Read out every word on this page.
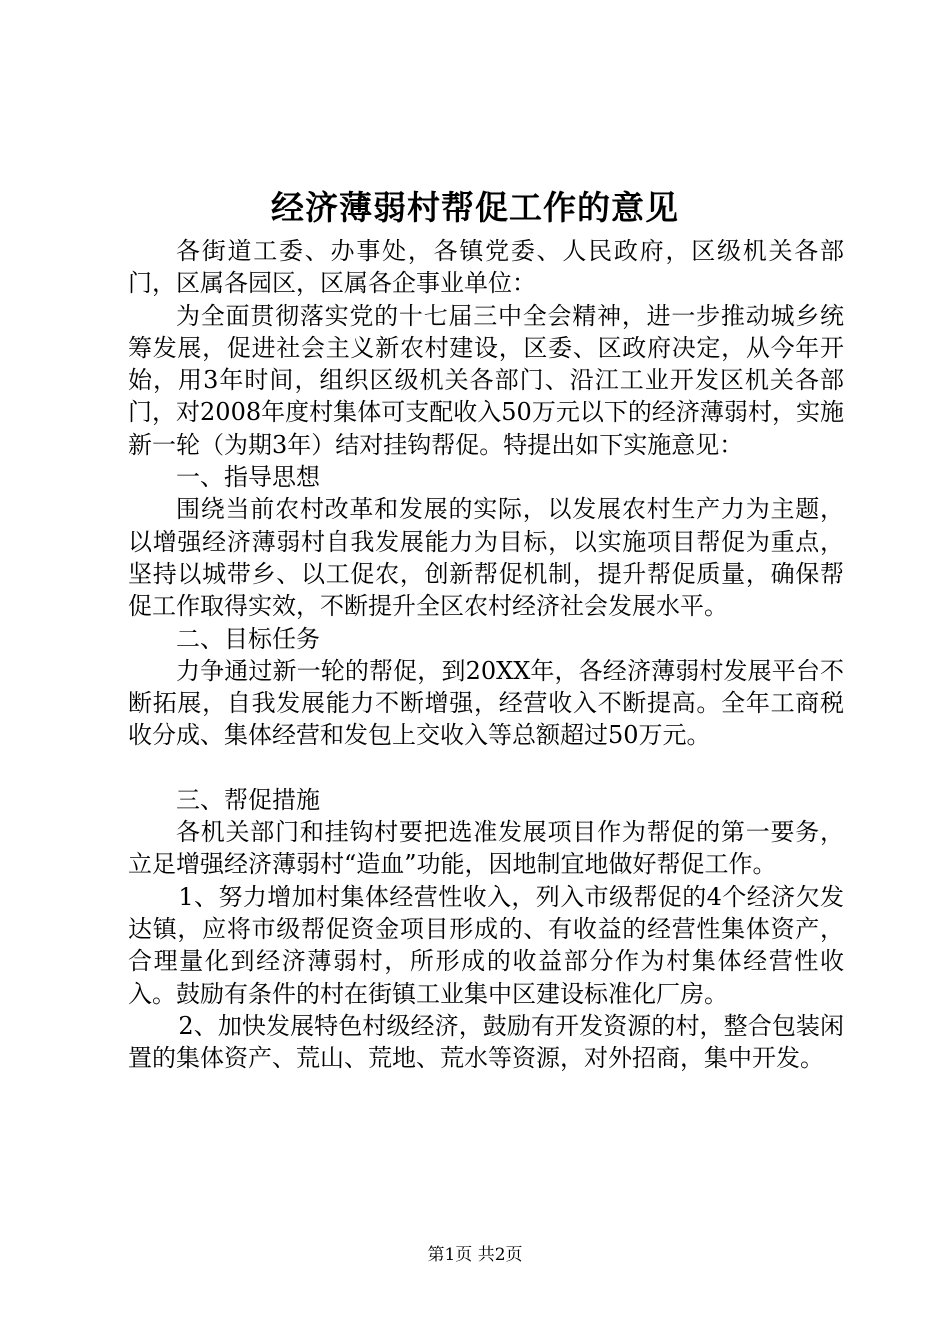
经济薄弱村帮促工作的意见

各街道工委、办事处，各镇党委、人民政府，区级机关各部门，区属各园区，区属各企事业单位：

为全面贯彻落实党的十七届三中全会精神，进一步推动城乡统筹发展，促进社会主义新农村建设，区委、区政府决定，从今年开始，用3年时间，组织区级机关各部门、沿江工业开发区机关各部门，对2008年度村集体可支配收入50万元以下的经济薄弱村，实施新一轮（为期3年）结对挂钩帮促。特提出如下实施意见：

一、指导思想

围绕当前农村改革和发展的实际，以发展农村生产力为主题，以增强经济薄弱村自我发展能力为目标，以实施项目帮促为重点，坚持以城带乡、以工促农，创新帮促机制，提升帮促质量，确保帮促工作取得实效，不断提升全区农村经济社会发展水平。

二、目标任务

力争通过新一轮的帮促，到20XX年，各经济薄弱村发展平台不断拓展，自我发展能力不断增强，经营收入不断提高。全年工商税收分成、集体经营和发包上交收入等总额超过50万元。

三、帮促措施

各机关部门和挂钩村要把选准发展项目作为帮促的第一要务，立足增强经济薄弱村“造血”功能，因地制宜地做好帮促工作。

1、努力增加村集体经营性收入，列入市级帮促的4个经济欠发达镇，应将市级帮促资金项目形成的、有收益的经营性集体资产，合理量化到经济薄弱村，所形成的收益部分作为村集体经营性收入。鼓励有条件的村在街镇工业集中区建设标准化厂房。

2、加快发展特色村级经济，鼓励有开发资源的村，整合包装闲置的集体资产、荒山、荒地、荒水等资源，对外招商，集中开发。

第1页 共2页
